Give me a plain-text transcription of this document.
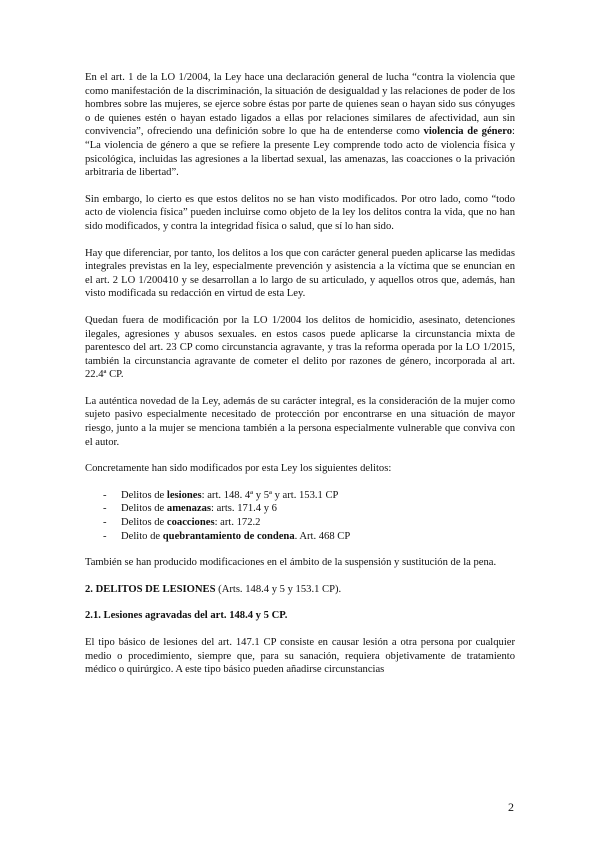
En el art. 1 de la LO 1/2004, la Ley hace una declaración general de lucha “contra la violencia que como manifestación de la discriminación, la situación de desigualdad y las relaciones de poder de los hombres sobre las mujeres, se ejerce sobre éstas por parte de quienes sean o hayan sido sus cónyuges o de quienes estén o hayan estado ligados a ellas por relaciones similares de afectividad, aun sin convivencia”, ofreciendo una definición sobre lo que ha de entenderse como violencia de género: “La violencia de género a que se refiere la presente Ley comprende todo acto de violencia física y psicológica, incluidas las agresiones a la libertad sexual, las amenazas, las coacciones o la privación arbitraria de libertad”.

Sin embargo, lo cierto es que estos delitos no se han visto modificados. Por otro lado, como “todo acto de violencia física” pueden incluirse como objeto de la ley los delitos contra la vida, que no han sido modificados, y contra la integridad física o salud, que sí lo han sido.

Hay que diferenciar, por tanto, los delitos a los que con carácter general pueden aplicarse las medidas integrales previstas en la ley, especialmente prevención y asistencia a la víctima que se enuncian en el art. 2 LO 1/200410 y se desarrollan a lo largo de su articulado, y aquellos otros que, además, han visto modificada su redacción en virtud de esta Ley.

Quedan fuera de modificación por la LO 1/2004 los delitos de homicidio, asesinato, detenciones ilegales, agresiones y abusos sexuales. en estos casos puede aplicarse la circunstancia mixta de parentesco del art. 23 CP como circunstancia agravante, y tras la reforma operada por la LO 1/2015, también la circunstancia agravante de cometer el delito por razones de género, incorporada al art. 22.4ª CP.

La auténtica novedad de la Ley, además de su carácter integral, es la consideración de la mujer como sujeto pasivo especialmente necesitado de protección por encontrarse en una situación de mayor riesgo, junto a la mujer se menciona también a la persona especialmente vulnerable que conviva con el autor.

Concretamente han sido modificados por esta Ley los siguientes delitos:

- Delitos de lesiones: art. 148. 4ª y 5ª y art. 153.1 CP
- Delitos de amenazas: arts. 171.4 y 6
- Delitos de coacciones: art. 172.2
- Delito de quebrantamiento de condena. Art. 468 CP

También se han producido modificaciones en el ámbito de la suspensión y sustitución de la pena.

2. DELITOS DE LESIONES (Arts. 148.4 y 5 y 153.1 CP).

2.1. Lesiones agravadas del art. 148.4 y 5 CP.

El tipo básico de lesiones del art. 147.1 CP consiste en causar lesión a otra persona por cualquier medio o procedimiento, siempre que, para su sanación, requiera objetivamente de tratamiento médico o quirúrgico. A este tipo básico pueden añadirse circunstancias

2
